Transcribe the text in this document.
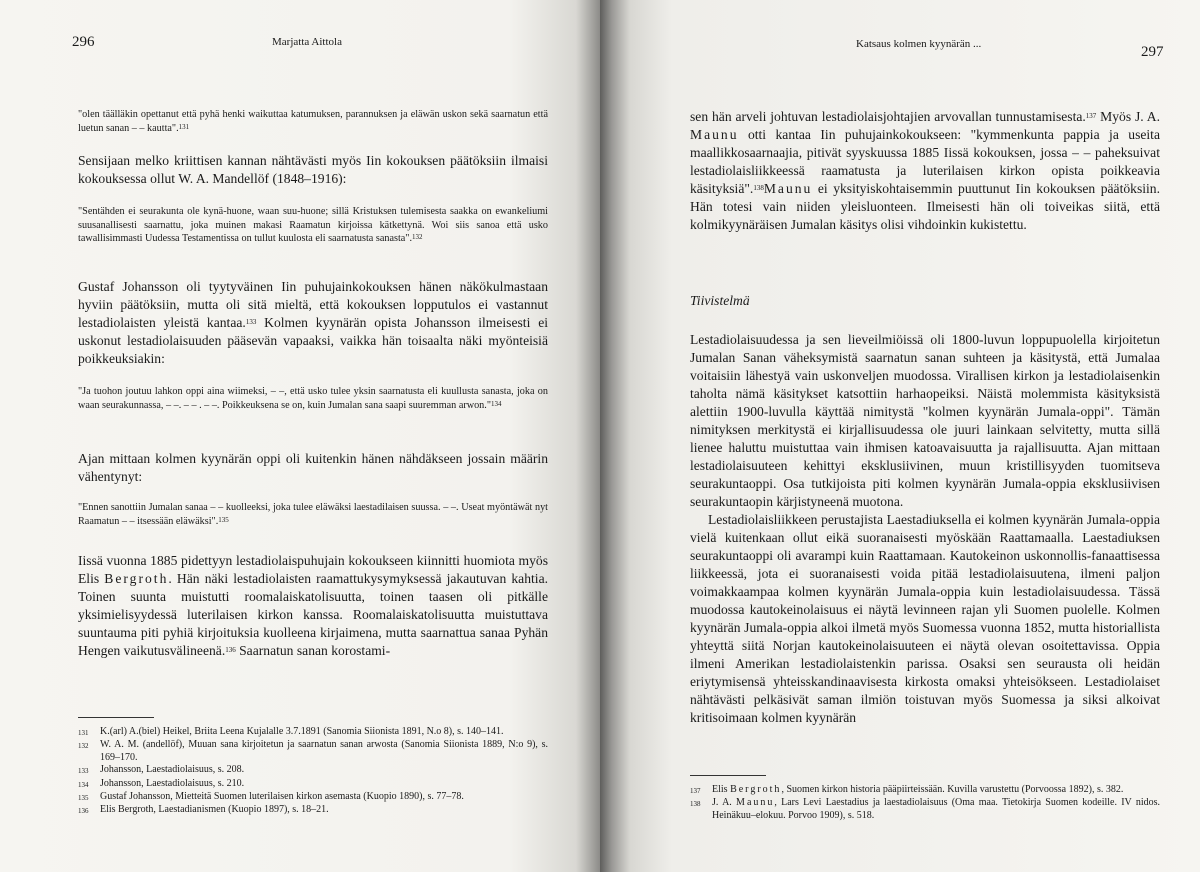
296	Marjatta Aittola
"olen täälläkin opettanut että pyhä henki waikuttaa katumuksen, parannuksen ja eläwän uskon sekä saarnatun että luetun sanan – – kautta".$^{131}$

Sensijaan melko kriittisen kannan nähtävästi myös Iin kokouksen päätöksiin ilmaisi kokouksessa ollut W. A. Mandellöf (1848–1916):

"Sentähden ei seurakunta ole kynä-huone, waan suu-huone; sillä Kristuksen tulemisesta saakka on ewankeliumi suusanallisesti saarnattu, joka muinen makasi Raamatun kirjoissa kätkettynä. Woi siis sanoa että usko tawallisimmasti Uudessa Testamentissa on tullut kuulosta eli saarnatusta sanasta".$^{132}$

Gustaf Johansson oli tyytyväinen Iin puhujainkokouksen hänen näkökulmastaan hyviin päätöksiin, mutta oli sitä mieltä, että kokouksen lopputulos ei vastannut lestadiolaisten yleistä kantaa.$^{133}$ Kolmen kyynärän opista Johansson ilmeisesti ei uskonut lestadiolaisuuden pääsevän vapaaksi, vaikka hän toisaalta näki myönteisiä poikkeuksiakin:

"Ja tuohon joutuu lahkon oppi aina wiimeksi, – –, että usko tulee yksin saarnatusta eli kuullusta sanasta, joka on waan seurakunnassa, – –. – – . – –. Poikkeuksena se on, kuin Jumalan sana saapi suuremman arwon."$^{134}$

Ajan mittaan kolmen kyynärän oppi oli kuitenkin hänen nähdäkseen jossain määrin vähentynyt:

"Ennen sanottiin Jumalan sanaa – – kuolleeksi, joka tulee eläwäksi laestadilaisen suussa. – –. Useat myöntäwät nyt Raamatun – – itsessään eläwäksi".$^{135}$

Iissä vuonna 1885 pidettyyn lestadiolaispuhujain kokoukseen kiinnitti huomiota myös Elis Bergroth. Hän näki lestadiolaisten raamattukysymyksessä jakautuvan kahtia. Toinen suunta muistutti roomalaiskatolisuutta, toinen taasen oli pitkälle yksimielisyydessä luterilaisen kirkon kanssa. Roomalaiskatolisuutta muistuttava suuntauma piti pyhiä kirjoituksia kuolleena kirjaimena, mutta saarnattua sanaa Pyhän Hengen vaikutusvälineenä.$^{136}$ Saarnatun sanan korostami-

131	K.(arl) A.(biel) Heikel, Briita Leena Kujalalle 3.7.1891 (Sanomia Siionista 1891, N.o 8), s. 140–141.
132	W. A. M. (andellöf), Muuan sana kirjoitetun ja saarnatun sanan arwosta (Sanomia Siionista 1889, N:o 9), s. 169–170.
133	Johansson, Laestadiolaisuus, s. 208.
134	Johansson, Laestadiolaisuus, s. 210.
135	Gustaf Johansson, Mietteitä Suomen luterilaisen kirkon asemasta (Kuopio 1890), s. 77–78.
136	Elis Bergroth, Laestadianismen (Kuopio 1897), s. 18–21.
Katsaus kolmen kyynärän ...	297

sen hän arveli johtuvan lestadiolaisjohtajien arvovallan tunnustamisesta.$^{137}$ Myös J. A. Maunu otti kantaa Iin puhujainkokoukseen: "kymmenkunta pappia ja useita maallikkosaarnaajia, pitivät syyskuussa 1885 Iissä kokouksen, jossa – – paheksuivat lestadiolaisliikkeessä raamatusta ja luterilaisen kirkon opista poikkeavia käsityksiä".$^{138}$Maunu ei yksityiskohtaisemmin puuttunut Iin kokouksen päätöksiin. Hän totesi vain niiden yleisluonteen. Ilmeisesti hän oli toiveikas siitä, että kolmikyynäräisen Jumalan käsitys olisi vihdoinkin kukistettu.

Tiivistelmä

Lestadiolaisuudessa ja sen lieveilmiöissä oli 1800-luvun loppupuolella kirjoitetun Jumalan Sanan väheksymistä saarnatun sanan suhteen ja käsitystä, että Jumalaa voitaisiin lähestyä vain uskonveljen muodossa. Virallisen kirkon ja lestadiolaisenkin taholta nämä käsitykset katsottiin harhaopeiksi. Näistä molemmista käsityksistä alettiin 1900-luvulla käyttää nimitystä "kolmen kyynärän Jumala-oppi". Tämän nimityksen merkitystä ei kirjallisuudessa ole juuri lainkaan selvitetty, mutta sillä lienee haluttu muistuttaa vain ihmisen katoavaisuutta ja rajallisuutta. Ajan mittaan lestadiolaisuuteen kehittyi eksklusiivinen, muun kristillisyyden tuomitseva seurakuntaoppi. Osa tutkijoista piti kolmen kyynärän Jumala-oppia eksklusiivisen seurakuntaopin kärjistyneenä muotona.

Lestadiolaisliikkeen perustajista Laestadiuksella ei kolmen kyynärän Jumala-oppia vielä kuitenkaan ollut eikä suoranaisesti myöskään Raattamaalla. Laestadiuksen seurakuntaoppi oli avarampi kuin Raattamaan. Kautokeinon uskonnollis-fanaattisessa liikkeessä, jota ei suoranaisesti voida pitää lestadiolaisuutena, ilmeni paljon voimakkaampaa kolmen kyynärän Jumala-oppia kuin lestadiolaisuudessa. Tässä muodossa kautokeinolaisuus ei näytä levinneen rajan yli Suomen puolelle. Kolmen kyynärän Jumala-oppia alkoi ilmetä myös Suomessa vuonna 1852, mutta historiallista yhteyttä siitä Norjan kautokeinolaisuuteen ei näytä olevan osoitettavissa. Oppia ilmeni Amerikan lestadiolaistenkin parissa. Osaksi sen seurausta oli heidän eriytymisensä yhteisskandinaavisesta kirkosta omaksi yhteisökseen. Lestadiolaiset nähtävästi pelkäsivät saman ilmiön toistuvan myös Suomessa ja siksi alkoivat kritisoimaan kolmen kyynärän

137	Elis Bergroth, Suomen kirkon historia pääpiirteissään. Kuvilla varustettu (Porvoossa 1892), s. 382.
138	J. A. Maunu, Lars Levi Laestadius ja laestadiolaisuus (Oma maa. Tietokirja Suomen kodeille. IV nidos. Heinäkuu–elokuu. Porvoo 1909), s. 518.
